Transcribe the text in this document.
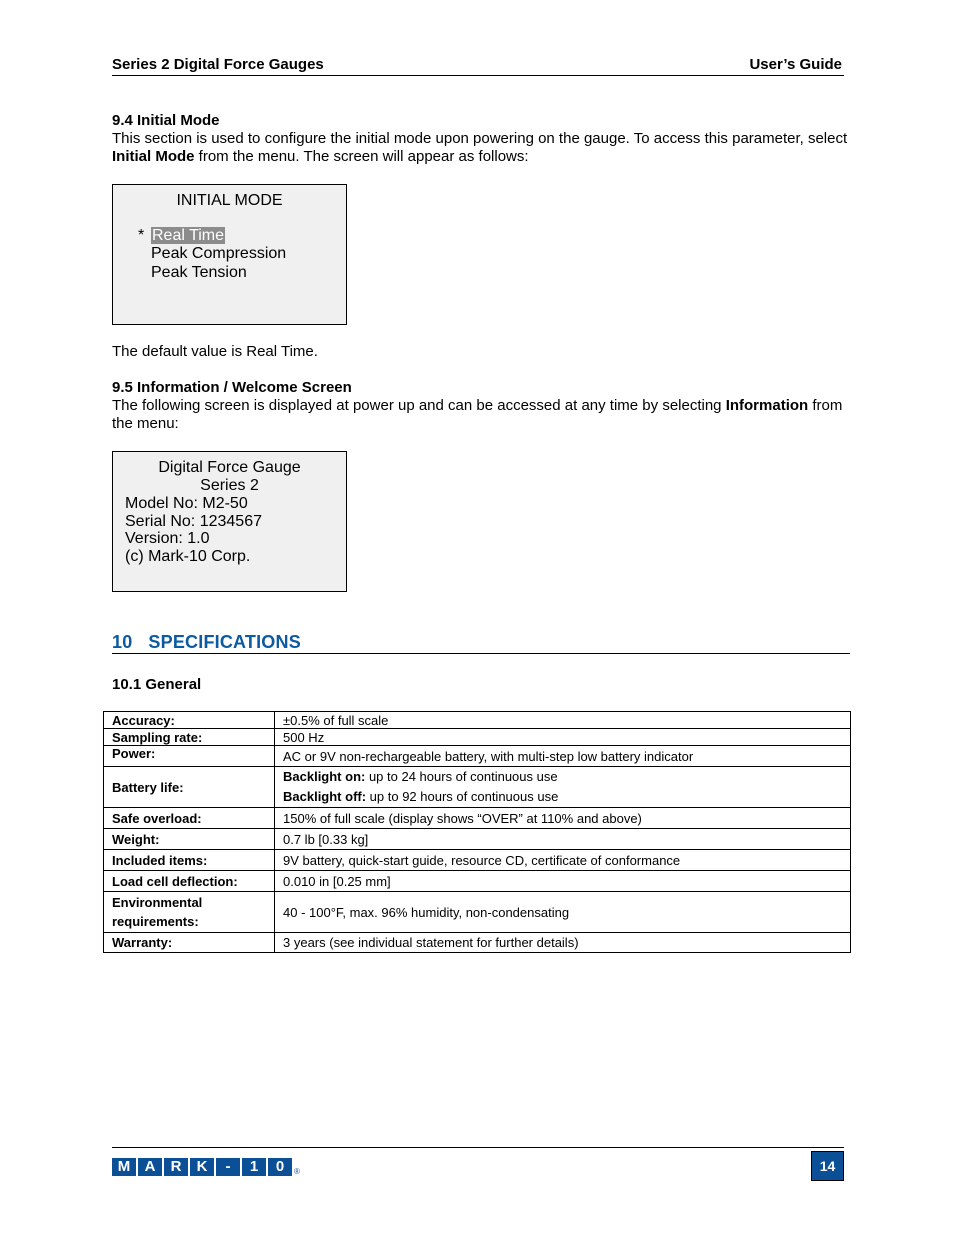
Series 2 Digital Force Gauges	User’s Guide
9.4 Initial Mode
This section is used to configure the initial mode upon powering on the gauge. To access this parameter, select Initial Mode from the menu. The screen will appear as follows:
INITIAL MODE
* Real Time
Peak Compression
Peak Tension
The default value is Real Time.
9.5 Information / Welcome Screen
The following screen is displayed at power up and can be accessed at any time by selecting Information from the menu:
Digital Force Gauge
Series 2
Model No: M2-50
Serial No: 1234567
Version: 1.0
(c) Mark-10 Corp.
10 SPECIFICATIONS
10.1 General
Accuracy:	±0.5% of full scale
Sampling rate:	500 Hz
Power:	AC or 9V non-rechargeable battery, with multi-step low battery indicator
Battery life:	Backlight on: up to 24 hours of continuous use
Backlight off: up to 92 hours of continuous use

Safe overload:	150% of full scale (display shows “OVER” at 110% and above)
Weight:	0.7 lb [0.33 kg]
Included items:	9V battery, quick-start guide, resource CD, certificate of conformance
Load cell deflection:	0.010 in [0.25 mm]

Environmental
requirements:	40 - 100°F, max. 96% humidity, non-condensating
Warranty:	3 years (see individual statement for further details)
M A R K - 1 0 ®	14
